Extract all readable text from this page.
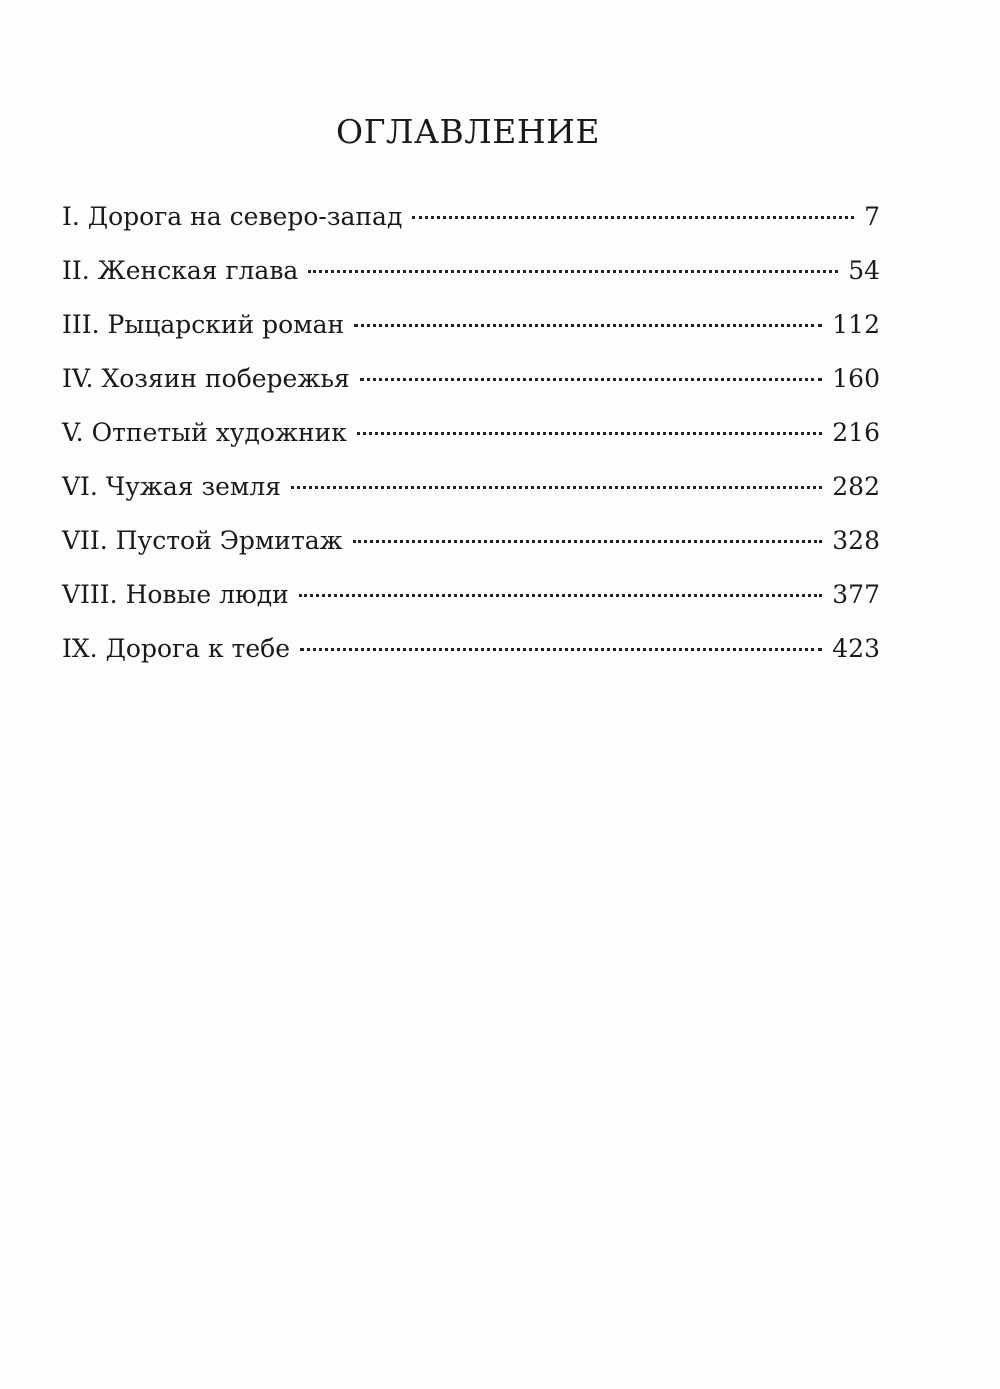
ОГЛАВЛЕНИЕ
I. Дорога на северо-запад	7
II. Женская глава	54
III. Рыцарский роман	112
IV. Хозяин побережья	160
V. Отпетый художник	216
VI. Чужая земля	282
VII. Пустой Эрмитаж	328
VIII. Новые люди	377
IX. Дорога к тебе	423
